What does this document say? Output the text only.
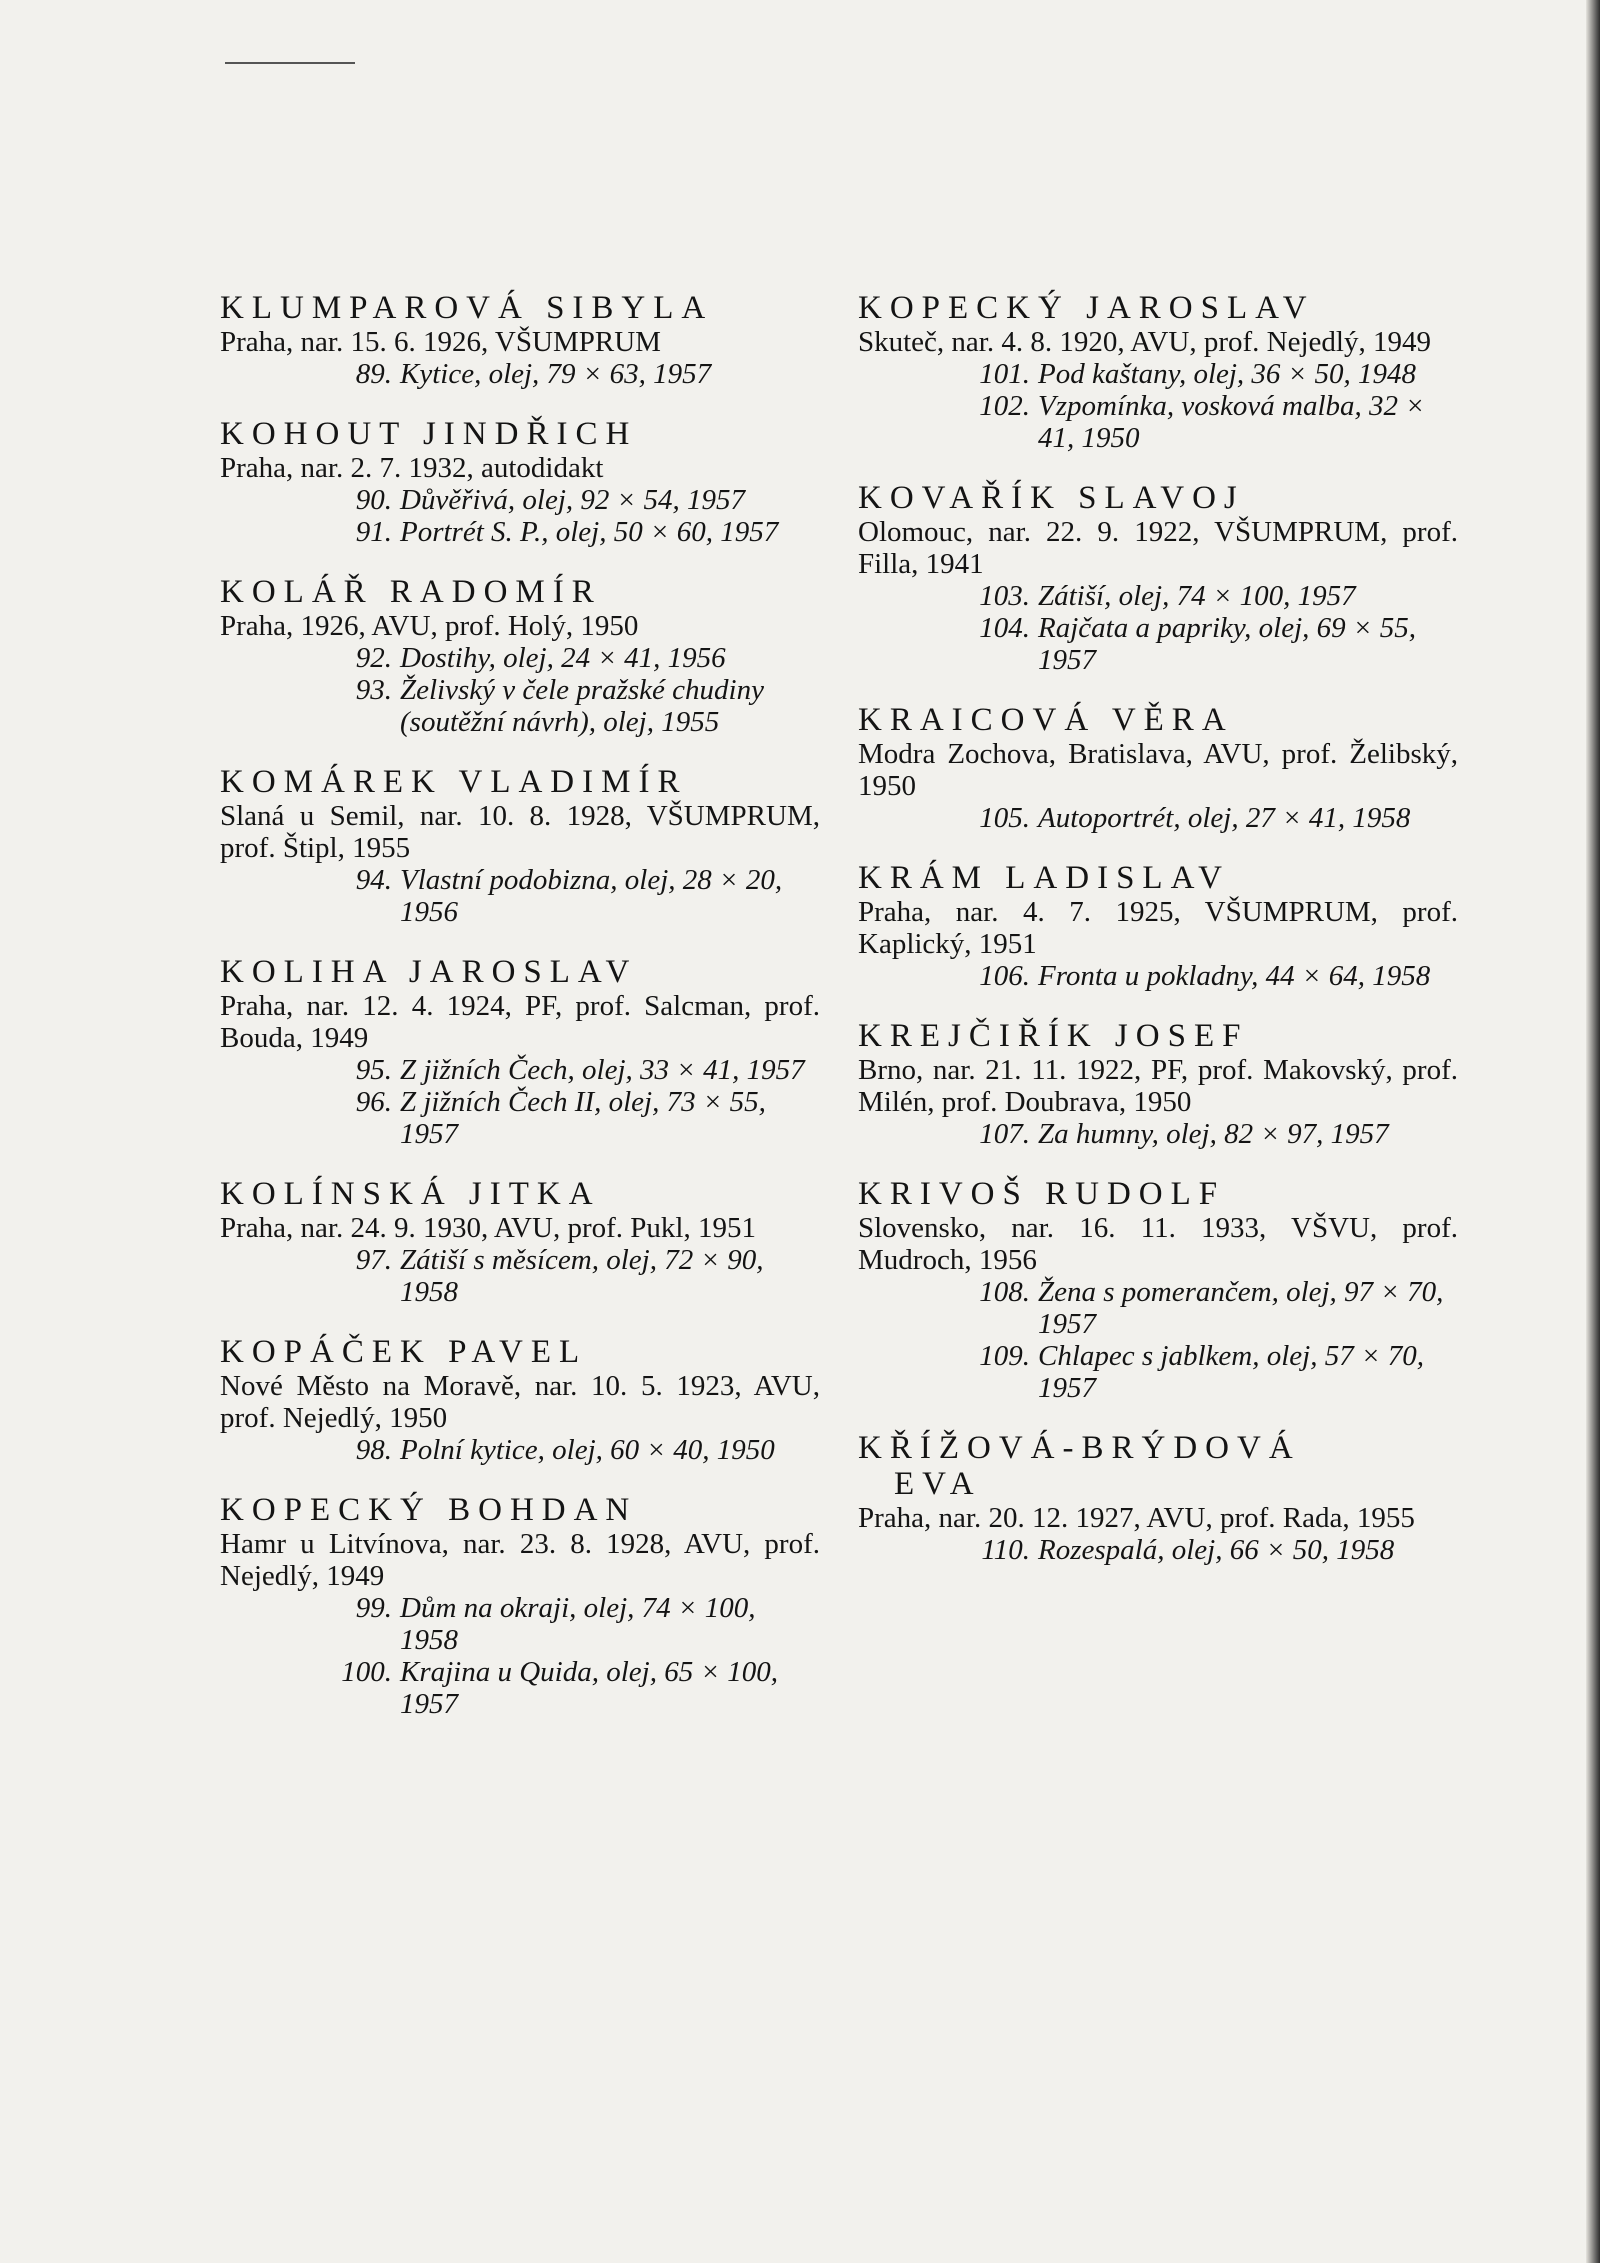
KLUMPAROVÁ SIBYLA
Praha, nar. 15. 6. 1926, VŠUMPRUM

89. Kytice, olej, 79 × 63, 1957

KOHOUT JINDŘICH
Praha, nar. 2. 7. 1932, autodidakt

90. Důvěřivá, olej, 92 × 54, 1957

91. Portrét S. P., olej, 50 × 60, 1957

KOLÁŘ RADOMÍR
Praha, 1926, AVU, prof. Holý, 1950

92. Dostihy, olej, 24 × 41, 1956

93. Želivský v čele pražské chudiny (soutěžní návrh), olej, 1955

KOMÁREK VLADIMÍR
Slaná u Semil, nar. 10. 8. 1928, VŠUMPRUM, prof. Štipl, 1955

94. Vlastní podobizna, olej, 28 × 20, 1956

KOLIHA JAROSLAV
Praha, nar. 12. 4. 1924, PF, prof. Salcman, prof. Bouda, 1949

95. Z jižních Čech, olej, 33 × 41, 1957

96. Z jižních Čech II, olej, 73 × 55, 1957

KOLÍNSKÁ JITKA
Praha, nar. 24. 9. 1930, AVU, prof. Pukl, 1951

97. Zátiší s měsícem, olej, 72 × 90, 1958

KOPÁČEK PAVEL
Nové Město na Moravě, nar. 10. 5. 1923, AVU, prof. Nejedlý, 1950

98. Polní kytice, olej, 60 × 40, 1950

KOPECKÝ BOHDAN
Hamr u Litvínova, nar. 23. 8. 1928, AVU, prof. Nejedlý, 1949

99. Dům na okraji, olej, 74 × 100, 1958

100. Krajina u Quida, olej, 65 × 100, 1957

KOPECKÝ JAROSLAV
Skuteč, nar. 4. 8. 1920, AVU, prof. Nejedlý, 1949

101. Pod kaštany, olej, 36 × 50, 1948

102. Vzpomínka, vosková malba, 32 × 41, 1950

KOVAŘÍK SLAVOJ
Olomouc, nar. 22. 9. 1922, VŠUMPRUM, prof. Filla, 1941

103. Zátiší, olej, 74 × 100, 1957

104. Rajčata a papriky, olej, 69 × 55, 1957

KRAICOVÁ VĚRA
Modra Zochova, Bratislava, AVU, prof. Želibský, 1950

105. Autoportrét, olej, 27 × 41, 1958

KRÁM LADISLAV
Praha, nar. 4. 7. 1925, VŠUMPRUM, prof. Kaplický, 1951

106. Fronta u pokladny, 44 × 64, 1958

KREJČIŘÍK JOSEF
Brno, nar. 21. 11. 1922, PF, prof. Makovský, prof. Milén, prof. Doubrava, 1950

107. Za humny, olej, 82 × 97, 1957

KRIVOŠ RUDOLF
Slovensko, nar. 16. 11. 1933, VŠVU, prof. Mudroch, 1956

108. Žena s pomerančem, olej, 97 × 70, 1957

109. Chlapec s jablkem, olej, 57 × 70, 1957

KŘÍŽOVÁ-BRÝDOVÁ
EVA
Praha, nar. 20. 12. 1927, AVU, prof. Rada, 1955

110. Rozespalá, olej, 66 × 50, 1958
